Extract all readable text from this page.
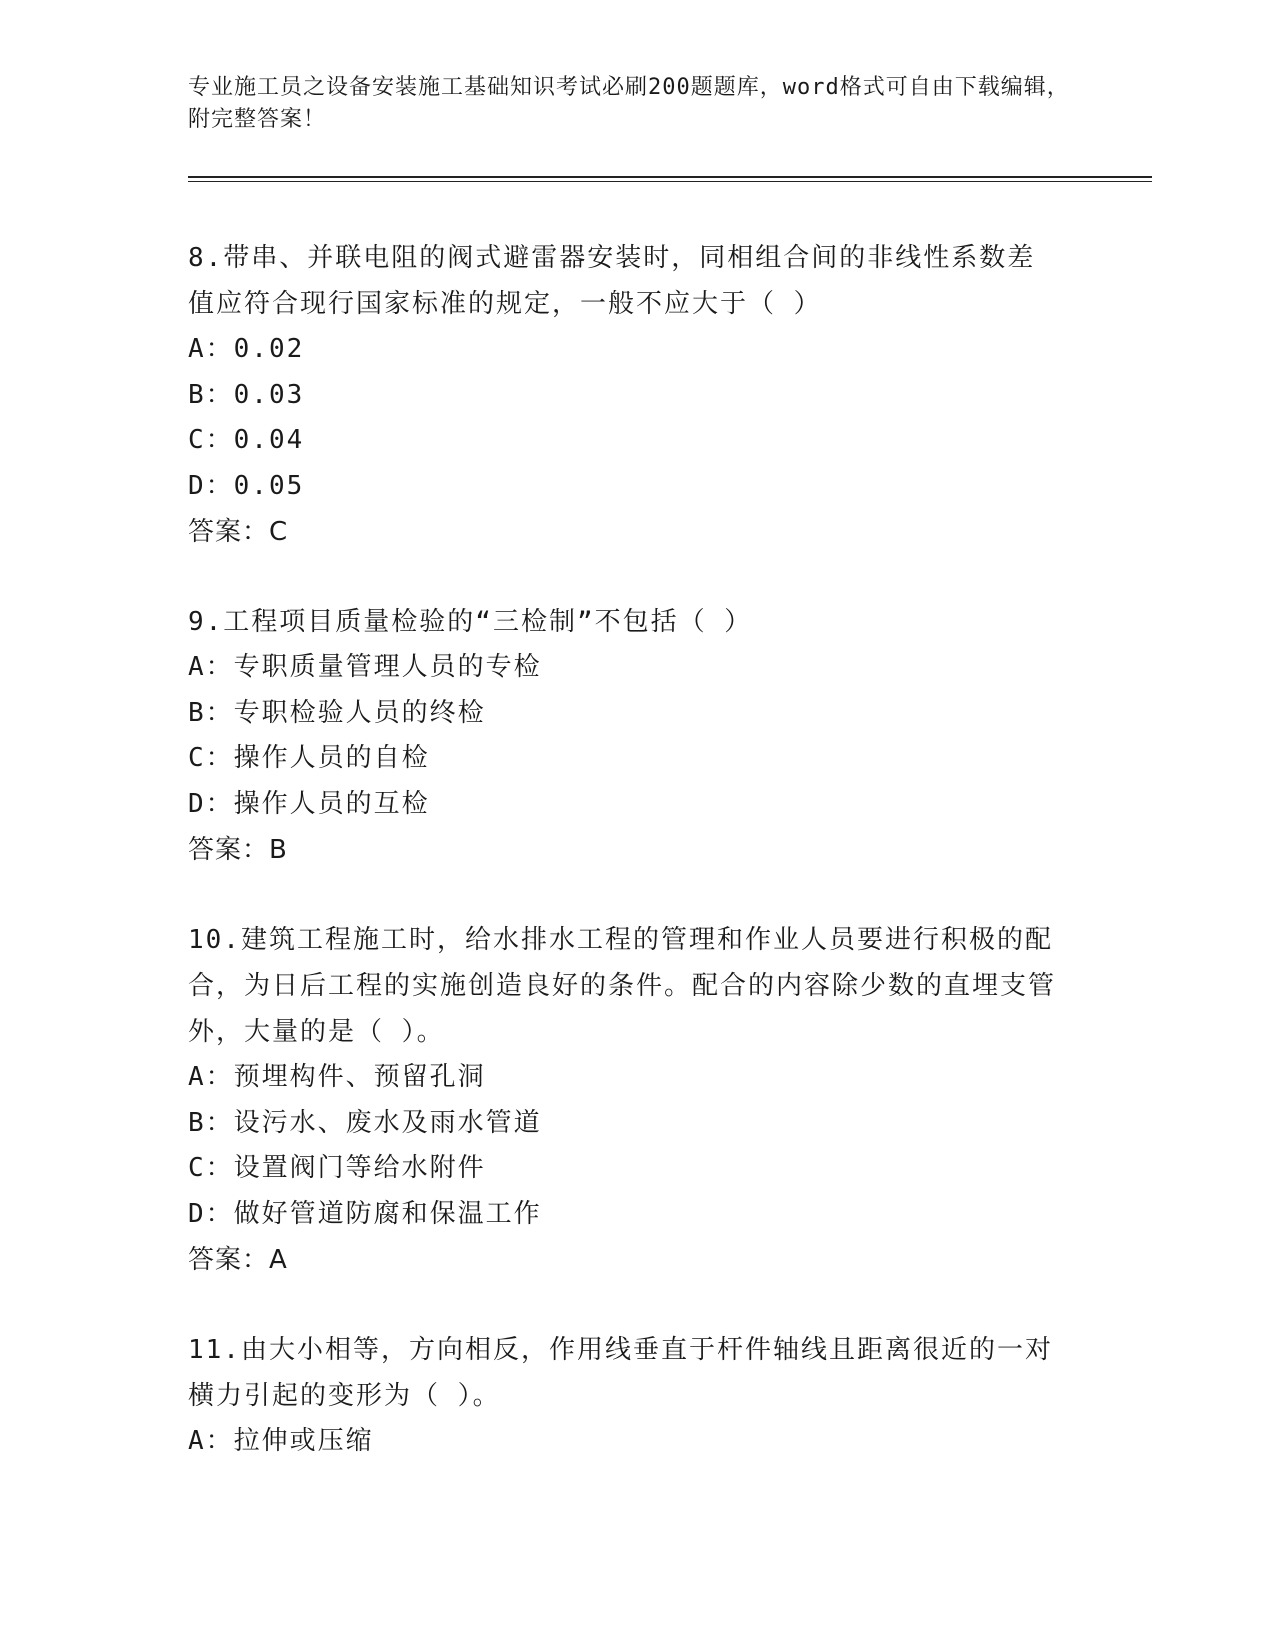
专业施工员之设备安装施工基础知识考试必刷200题题库，word格式可自由下载编辑，附完整答案！
8.带串、并联电阻的阀式避雷器安装时，同相组合间的非线性系数差值应符合现行国家标准的规定，一般不应大于（ ）
A：0.02
B：0.03
C：0.04
D：0.05
答案：C
9.工程项目质量检验的“三检制”不包括（ ）
A：专职质量管理人员的专检
B：专职检验人员的终检
C：操作人员的自检
D：操作人员的互检
答案：B
10.建筑工程施工时，给水排水工程的管理和作业人员要进行积极的配合，为日后工程的实施创造良好的条件。配合的内容除少数的直埋支管外，大量的是（ ）。
A：预埋构件、预留孔洞
B：设污水、废水及雨水管道
C：设置阀门等给水附件
D：做好管道防腐和保温工作
答案：A
11.由大小相等，方向相反，作用线垂直于杆件轴线且距离很近的一对横力引起的变形为（ ）。
A：拉伸或压缩
